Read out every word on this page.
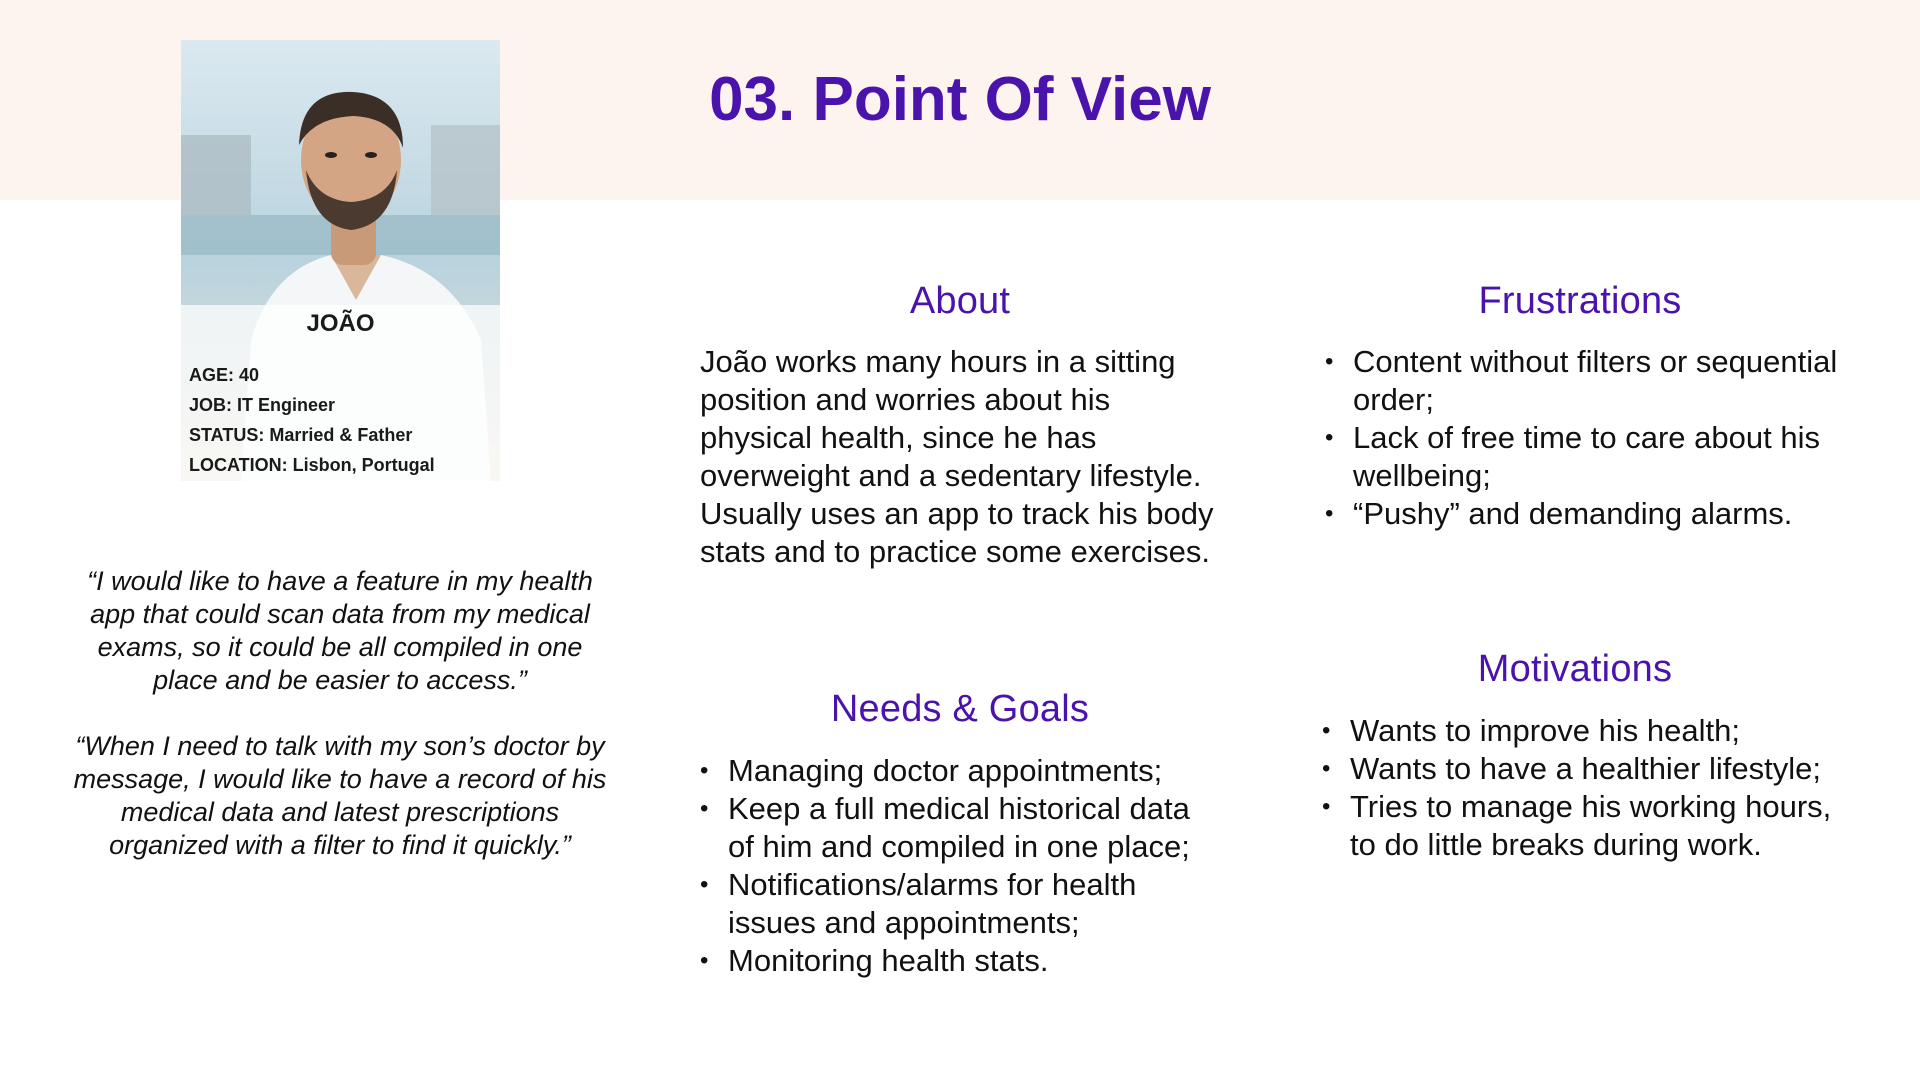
03. Point Of View
JOÃO
AGE: 40
JOB: IT Engineer
STATUS: Married & Father
LOCATION: Lisbon, Portugal

“I would like to have a feature in my health app that could scan data from my medical exams, so it could be all compiled in one place and be easier to access.”

“When I need to talk with my son’s doctor by message, I would like to have a record of his medical data and latest prescriptions organized with a filter to find it quickly.”

About

João works many hours in a sitting position and worries about his physical health, since he has overweight and a sedentary lifestyle.

Usually uses an app to track his body stats and to practice some exercises.

Needs & Goals
• Managing doctor appointments;
• Keep a full medical historical data of him and compiled in one place;
• Notifications/alarms for health issues and appointments;
• Monitoring health stats.
Frustrations
• Content without filters or sequential order;
• Lack of free time to care about his wellbeing;
• “Pushy” and demanding alarms.
Motivations
• Wants to improve his health;
• Wants to have a healthier lifestyle;
• Tries to manage his working hours, to do little breaks during work.
